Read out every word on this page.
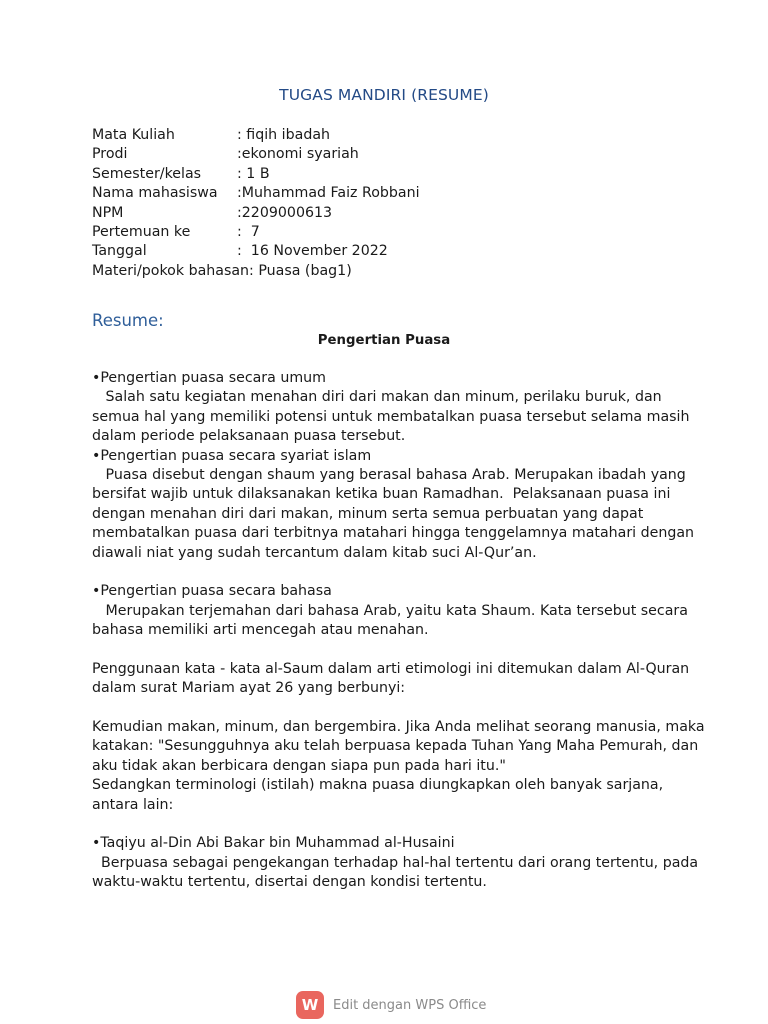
TUGAS MANDIRI (RESUME)
Mata Kuliah	: fiqih ibadah
Prodi	:ekonomi syariah
Semester/kelas	: 1 B
Nama mahasiswa :Muhammad Faiz Robbani
NPM	:2209000613
Pertemuan ke	:  7
Tanggal	:  16 November 2022
Materi/pokok bahasan: Puasa (bag1)
Resume:
Pengertian Puasa
•Pengertian puasa secara umum
Salah satu kegiatan menahan diri dari makan dan minum, perilaku buruk, dan
semua hal yang memiliki potensi untuk membatalkan puasa tersebut selama masih
dalam periode pelaksanaan puasa tersebut.
•Pengertian puasa secara syariat islam
Puasa disebut dengan shaum yang berasal bahasa Arab. Merupakan ibadah yang
bersifat wajib untuk dilaksanakan ketika buan Ramadhan.  Pelaksanaan puasa ini
dengan menahan diri dari makan, minum serta semua perbuatan yang dapat
membatalkan puasa dari terbitnya matahari hingga tenggelamnya matahari dengan
diawali niat yang sudah tercantum dalam kitab suci Al-Qur’an.
•Pengertian puasa secara bahasa
Merupakan terjemahan dari bahasa Arab, yaitu kata Shaum. Kata tersebut secara
bahasa memiliki arti mencegah atau menahan.
Penggunaan kata - kata al-Saum dalam arti etimologi ini ditemukan dalam Al-Quran
dalam surat Mariam ayat 26 yang berbunyi:
Kemudian makan, minum, dan bergembira. Jika Anda melihat seorang manusia, maka
katakan: "Sesungguhnya aku telah berpuasa kepada Tuhan Yang Maha Pemurah, dan
aku tidak akan berbicara dengan siapa pun pada hari itu."
Sedangkan terminologi (istilah) makna puasa diungkapkan oleh banyak sarjana,
antara lain:
•Taqiyu al-Din Abi Bakar bin Muhammad al-Husaini
Berpuasa sebagai pengekangan terhadap hal-hal tertentu dari orang tertentu, pada
waktu-waktu tertentu, disertai dengan kondisi tertentu.
W	Edit dengan WPS Office
